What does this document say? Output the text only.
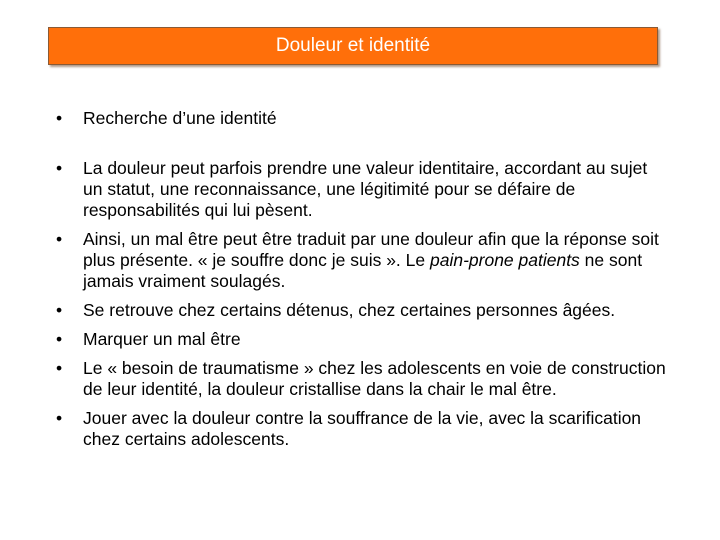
Douleur et identité
•	Recherche d’une identité
•	La douleur peut parfois prendre une valeur identitaire, accordant au sujet un statut, une reconnaissance, une légitimité pour se défaire de responsabilités qui lui pèsent.
•	Ainsi, un mal être peut être traduit par une douleur afin que la réponse soit plus présente. « je souffre donc je suis ». Le pain-prone patients ne sont jamais vraiment soulagés.
•	Se retrouve chez certains détenus, chez certaines personnes âgées.
•	Marquer un mal être
•	Le « besoin de traumatisme » chez les adolescents en voie de construction de leur identité, la douleur cristallise dans la chair le mal être.
•	Jouer avec la douleur contre la souffrance de la vie, avec la scarification chez certains adolescents.
